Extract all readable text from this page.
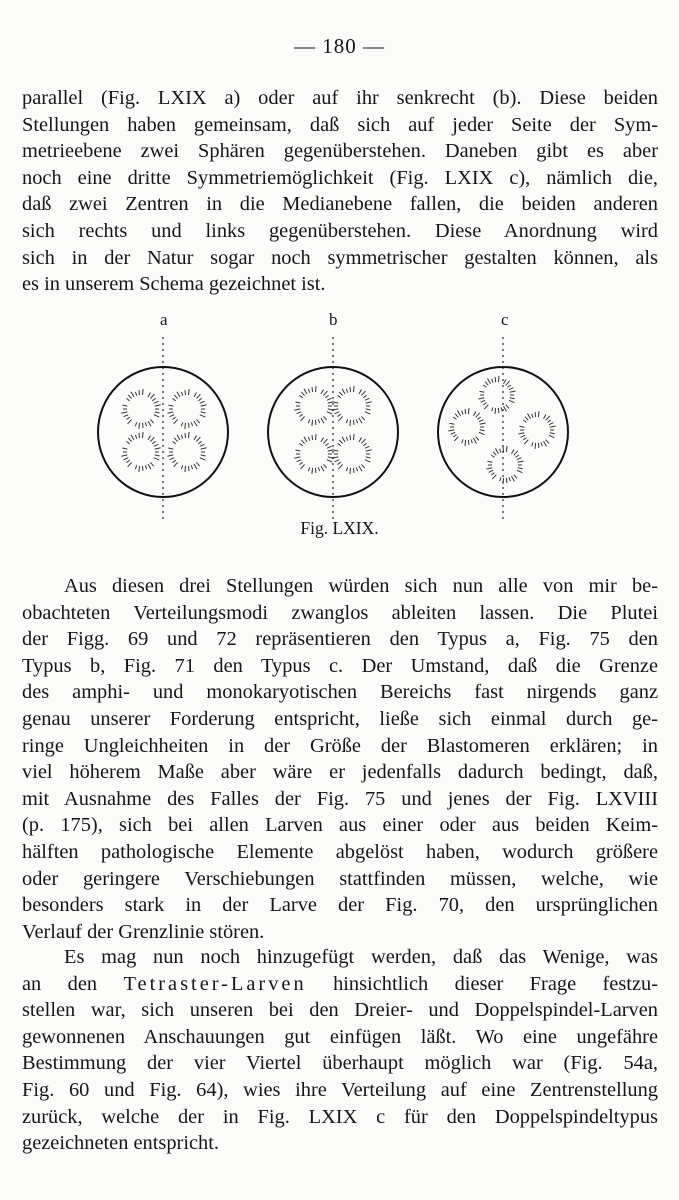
— 180 —
parallel (Fig. LXIX a) oder auf ihr senkrecht (b). Diese beiden
Stellungen haben gemeinsam, daß sich auf jeder Seite der Sym-
metrieebene zwei Sphären gegenüberstehen. Daneben gibt es aber
noch eine dritte Symmetriemöglichkeit (Fig. LXIX c), nämlich die,
daß zwei Zentren in die Medianebene fallen, die beiden anderen
sich rechts und links gegenüberstehen. Diese Anordnung wird
sich in der Natur sogar noch symmetrischer gestalten können, als
es in unserem Schema gezeichnet ist.
a	b	c
Fig. LXIX.
Aus diesen drei Stellungen würden sich nun alle von mir be-
obachteten Verteilungsmodi zwanglos ableiten lassen. Die Plutei
der Figg. 69 und 72 repräsentieren den Typus a, Fig. 75 den
Typus b, Fig. 71 den Typus c. Der Umstand, daß die Grenze
des amphi- und monokaryotischen Bereichs fast nirgends ganz
genau unserer Forderung entspricht, ließe sich einmal durch ge-
ringe Ungleichheiten in der Größe der Blastomeren erklären; in
viel höherem Maße aber wäre er jedenfalls dadurch bedingt, daß,
mit Ausnahme des Falles der Fig. 75 und jenes der Fig. LXVIII
(p. 175), sich bei allen Larven aus einer oder aus beiden Keim-
hälften pathologische Elemente abgelöst haben, wodurch größere
oder geringere Verschiebungen stattfinden müssen, welche, wie
besonders stark in der Larve der Fig. 70, den ursprünglichen
Verlauf der Grenzlinie stören.
Es mag nun noch hinzugefügt werden, daß das Wenige, was
an den Tetraster-Larven hinsichtlich dieser Frage festzu-
stellen war, sich unseren bei den Dreier- und Doppelspindel-Larven
gewonnenen Anschauungen gut einfügen läßt. Wo eine ungefähre
Bestimmung der vier Viertel überhaupt möglich war (Fig. 54a,
Fig. 60 und Fig. 64), wies ihre Verteilung auf eine Zentrenstellung
zurück, welche der in Fig. LXIX c für den Doppelspindeltypus
gezeichneten entspricht.
